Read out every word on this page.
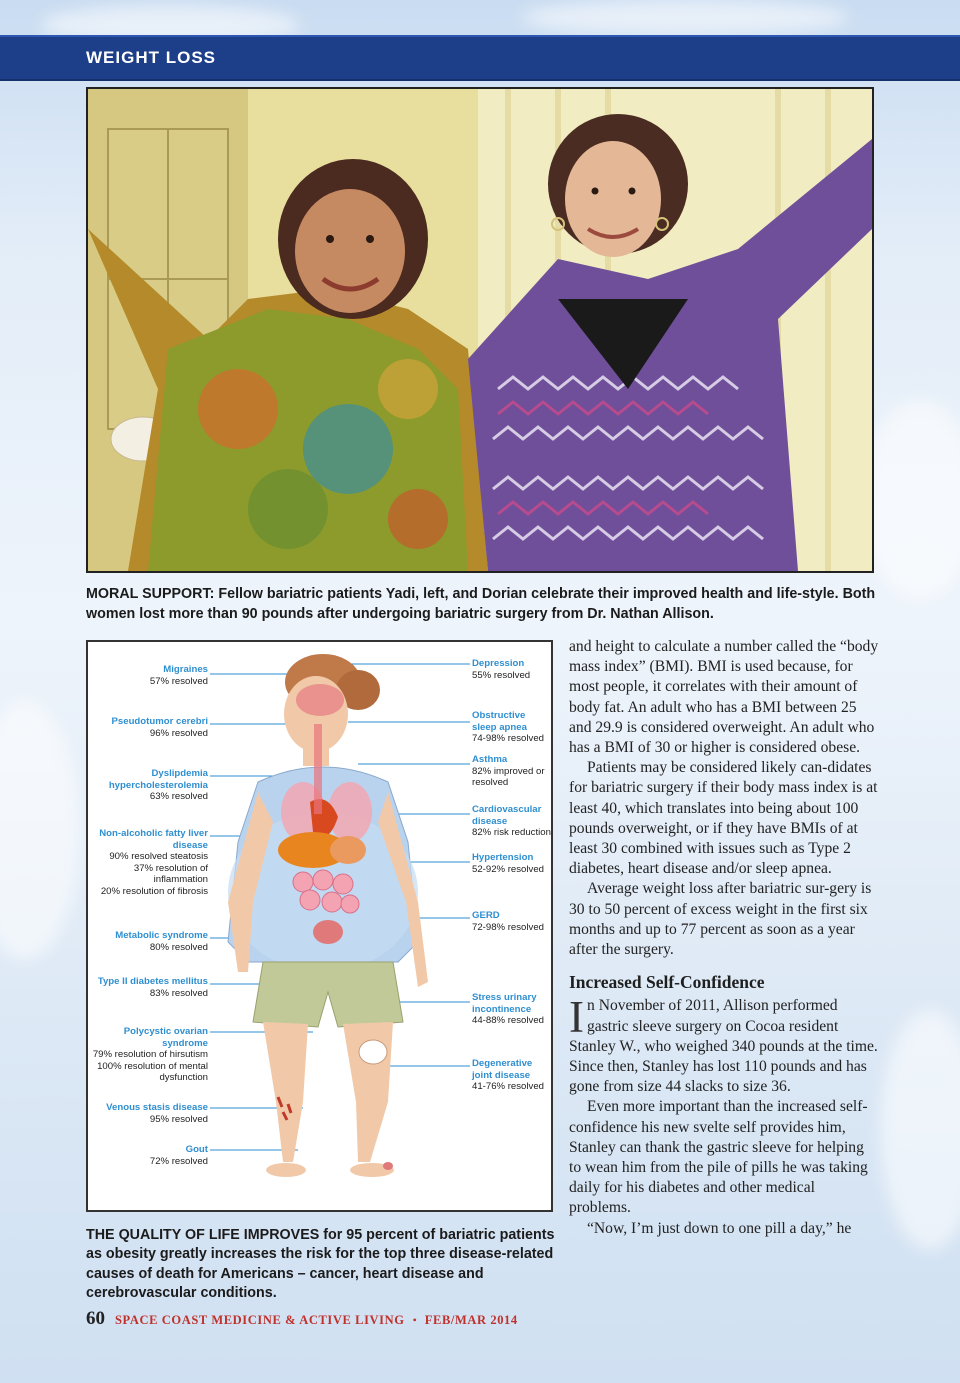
WEIGHT LOSS
MORAL SUPPORT: Fellow bariatric patients Yadi, left, and Dorian celebrate their improved health and life-style. Both women lost more than 90 pounds after undergoing bariatric surgery from Dr. Nathan Allison.
Migraines
57% resolved
Pseudotumor cerebri
96% resolved
Dyslipdemia hypercholesterolemia
63% resolved
Non-alcoholic fatty liver disease
90% resolved steatosis
37% resolution of inflammation
20% resolution of fibrosis
Metabolic syndrome
80% resolved
Type II diabetes mellitus
83% resolved
Polycystic ovarian syndrome
79% resolution of hirsutism
100% resolution of mental dysfunction
Venous stasis disease
95% resolved
Gout
72% resolved
Depression
55% resolved
Obstructive sleep apnea
74-98% resolved
Asthma
82% improved or resolved
Cardiovascular disease
82% risk reduction
Hypertension
52-92% resolved
GERD
72-98% resolved
Stress urinary incontinence
44-88% resolved
Degenerative joint disease
41-76% resolved
THE QUALITY OF LIFE IMPROVES for 95 percent of bariatric patients as obesity greatly increases the risk for the top three disease-related causes of death for Americans – cancer, heart disease and cerebrovascular conditions.

and height to calculate a number called the “body mass index” (BMI). BMI is used because, for most people, it correlates with their amount of body fat. An adult who has a BMI between 25 and 29.9 is considered overweight. An adult who has a BMI of 30 or higher is considered obese.

Patients may be considered likely can-didates for bariatric surgery if their body mass index is at least 40, which translates into being about 100 pounds overweight, or if they have BMIs of at least 30 combined with issues such as Type 2 diabetes, heart disease and/or sleep apnea.

Average weight loss after bariatric sur-gery is 30 to 50 percent of excess weight in the first six months and up to 77 percent as soon as a year after the surgery.

Increased Self-Confidence

In November of 2011, Allison performed gastric sleeve surgery on Cocoa resident Stanley W., who weighed 340 pounds at the time. Since then, Stanley has lost 110 pounds and has gone from size 44 slacks to size 36.

Even more important than the increased self-confidence his new svelte self provides him, Stanley can thank the gastric sleeve for helping to wean him from the pile of pills he was taking daily for his diabetes and other medical problems.

“Now, I’m just down to one pill a day,” he

60 SPACE COAST MEDICINE & ACTIVE LIVING • FEB/MAR 2014
